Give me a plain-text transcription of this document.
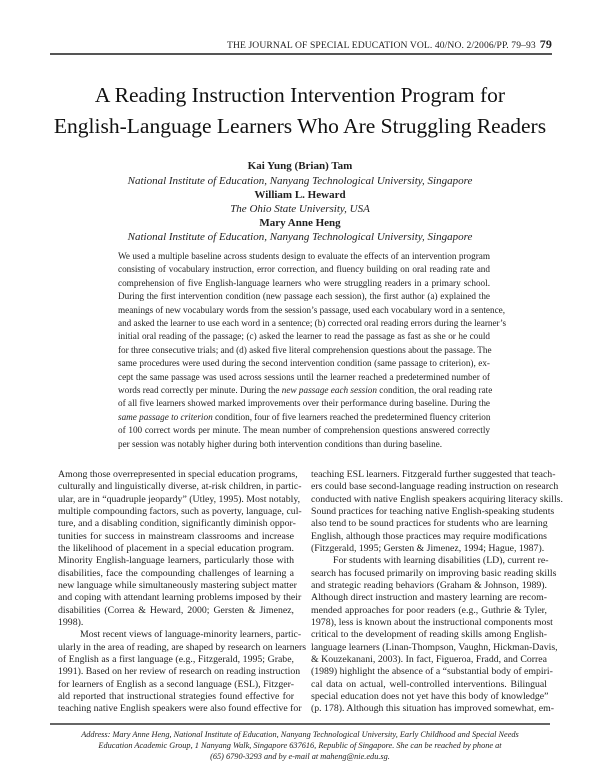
THE JOURNAL OF SPECIAL EDUCATION VOL. 40/NO. 2/2006/PP. 79–93 79
A Reading Instruction Intervention Program for
English-Language Learners Who Are Struggling Readers
Kai Yung (Brian) Tam
National Institute of Education, Nanyang Technological University, Singapore
William L. Heward
The Ohio State University, USA
Mary Anne Heng
National Institute of Education, Nanyang Technological University, Singapore
We used a multiple baseline across students design to evaluate the effects of an intervention program
consisting of vocabulary instruction, error correction, and fluency building on oral reading rate and
comprehension of five English-language learners who were struggling readers in a primary school.
During the first intervention condition (new passage each session), the first author (a) explained the
meanings of new vocabulary words from the session’s passage, used each vocabulary word in a sentence,
and asked the learner to use each word in a sentence; (b) corrected oral reading errors during the learner’s
initial oral reading of the passage; (c) asked the learner to read the passage as fast as she or he could
for three consecutive trials; and (d) asked five literal comprehension questions about the passage. The
same procedures were used during the second intervention condition (same passage to criterion), ex-
cept the same passage was used across sessions until the learner reached a predetermined number of
words read correctly per minute. During the new passage each session condition, the oral reading rate
of all five learners showed marked improvements over their performance during baseline. During the
same passage to criterion condition, four of five learners reached the predetermined fluency criterion
of 100 correct words per minute. The mean number of comprehension questions answered correctly
per session was notably higher during both intervention conditions than during baseline.
Among those overrepresented in special education programs,
culturally and linguistically diverse, at-risk children, in partic-
ular, are in “quadruple jeopardy” (Utley, 1995). Most notably,
multiple compounding factors, such as poverty, language, cul-
ture, and a disabling condition, significantly diminish oppor-
tunities for success in mainstream classrooms and increase
the likelihood of placement in a special education program.
Minority English-language learners, particularly those with
disabilities, face the compounding challenges of learning a
new language while simultaneously mastering subject matter
and coping with attendant learning problems imposed by their
disabilities (Correa & Heward, 2000; Gersten & Jimenez,
1998).
Most recent views of language-minority learners, partic-
ularly in the area of reading, are shaped by research on learners
of English as a first language (e.g., Fitzgerald, 1995; Grabe,
1991). Based on her review of research on reading instruction
for learners of English as a second language (ESL), Fitzger-
ald reported that instructional strategies found effective for
teaching native English speakers were also found effective for
teaching ESL learners. Fitzgerald further suggested that teach-
ers could base second-language reading instruction on research
conducted with native English speakers acquiring literacy skills.
Sound practices for teaching native English-speaking students
also tend to be sound practices for students who are learning
English, although those practices may require modifications
(Fitzgerald, 1995; Gersten & Jimenez, 1994; Hague, 1987).
For students with learning disabilities (LD), current re-
search has focused primarily on improving basic reading skills
and strategic reading behaviors (Graham & Johnson, 1989).
Although direct instruction and mastery learning are recom-
mended approaches for poor readers (e.g., Guthrie & Tyler,
1978), less is known about the instructional components most
critical to the development of reading skills among English-
language learners (Linan-Thompson, Vaughn, Hickman-Davis,
& Kouzekanani, 2003). In fact, Figueroa, Fradd, and Correa
(1989) highlight the absence of a “substantial body of empiri-
cal data on actual, well-controlled interventions. Bilingual
special education does not yet have this body of knowledge”
(p. 178). Although this situation has improved somewhat, em-
Address: Mary Anne Heng, National Institute of Education, Nanyang Technological University, Early Childhood and Special Needs
Education Academic Group, 1 Nanyang Walk, Singapore 637616, Republic of Singapore. She can be reached by phone at
(65) 6790-3293 and by e-mail at maheng@nie.edu.sg.
